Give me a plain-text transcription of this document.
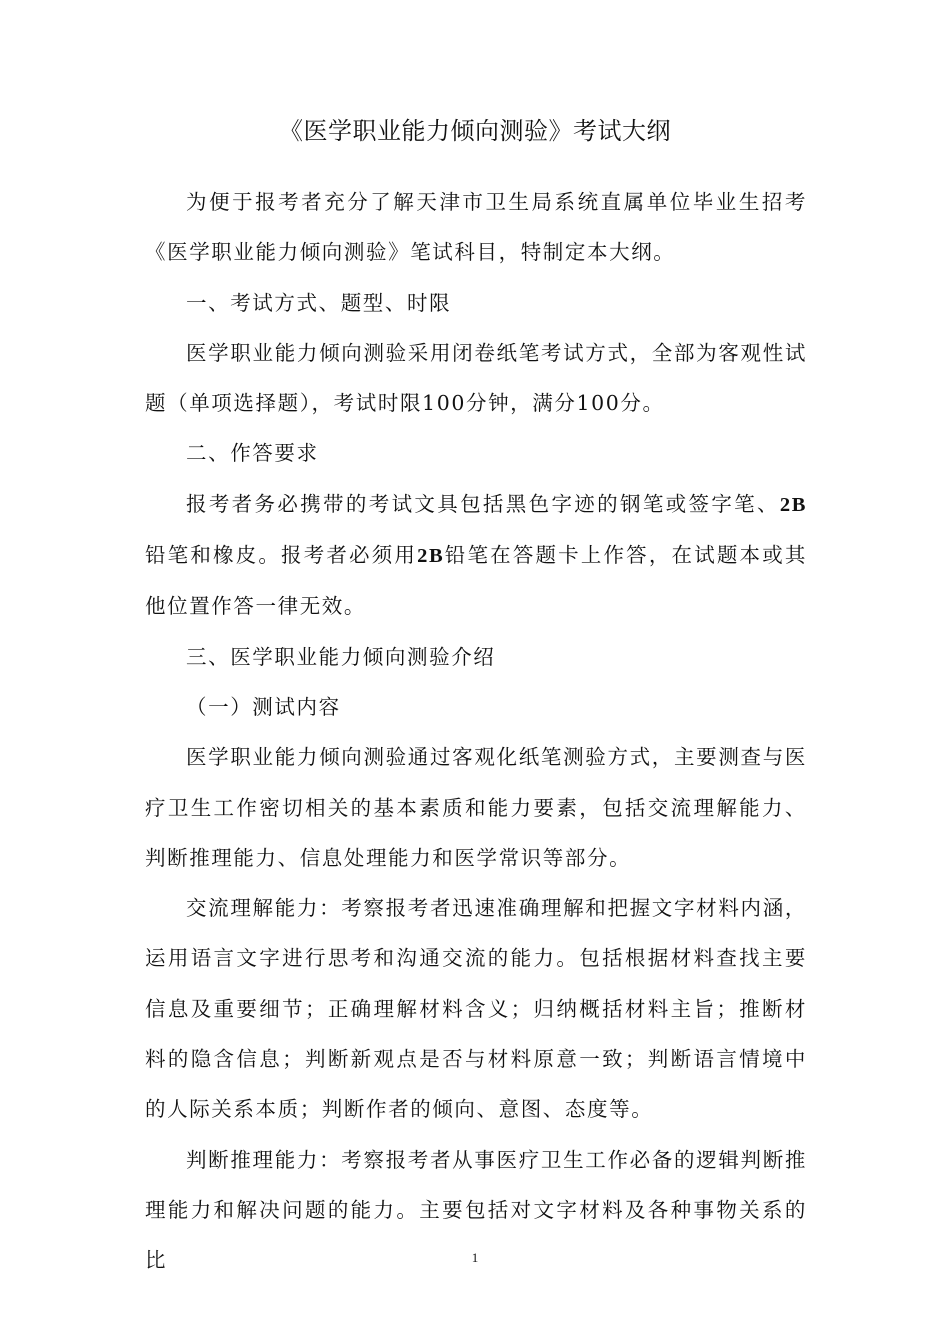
《医学职业能力倾向测验》考试大纲

为便于报考者充分了解天津市卫生局系统直属单位毕业生招考《医学职业能力倾向测验》笔试科目，特制定本大纲。

一、考试方式、题型、时限

医学职业能力倾向测验采用闭卷纸笔考试方式，全部为客观性试题（单项选择题），考试时限100分钟，满分100分。

二、作答要求

报考者务必携带的考试文具包括黑色字迹的钢笔或签字笔、2B铅笔和橡皮。报考者必须用2B铅笔在答题卡上作答，在试题本或其他位置作答一律无效。

三、医学职业能力倾向测验介绍

（一）测试内容

医学职业能力倾向测验通过客观化纸笔测验方式，主要测查与医疗卫生工作密切相关的基本素质和能力要素，包括交流理解能力、判断推理能力、信息处理能力和医学常识等部分。

交流理解能力：考察报考者迅速准确理解和把握文字材料内涵，运用语言文字进行思考和沟通交流的能力。包括根据材料查找主要信息及重要细节；正确理解材料含义；归纳概括材料主旨；推断材料的隐含信息；判断新观点是否与材料原意一致；判断语言情境中的人际关系本质；判断作者的倾向、意图、态度等。

判断推理能力：考察报考者从事医疗卫生工作必备的逻辑判断推理能力和解决问题的能力。主要包括对文字材料及各种事物关系的比	1
